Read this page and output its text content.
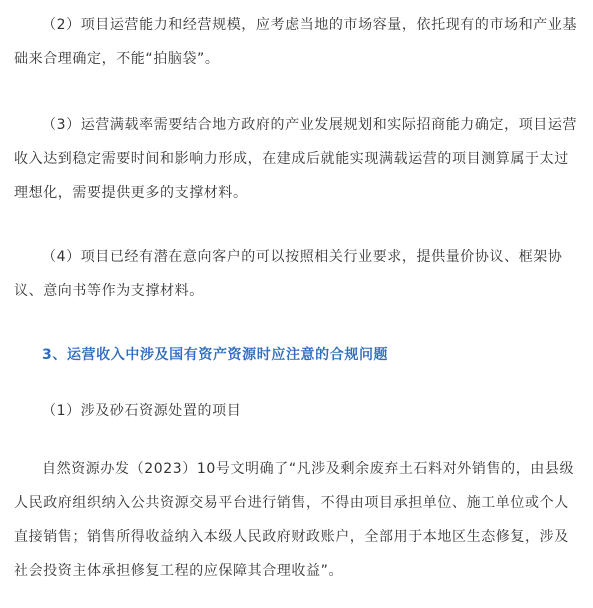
（2）项目运营能力和经营规模，应考虑当地的市场容量，依托现有的市场和产业基础来合理确定，不能“拍脑袋”。

（3）运营满载率需要结合地方政府的产业发展规划和实际招商能力确定，项目运营收入达到稳定需要时间和影响力形成，在建成后就能实现满载运营的项目测算属于太过理想化，需要提供更多的支撑材料。

（4）项目已经有潜在意向客户的可以按照相关行业要求，提供量价协议、框架协议、意向书等作为支撑材料。

3、运营收入中涉及国有资产资源时应注意的合规问题

（1）涉及砂石资源处置的项目

自然资源办发（2023）10号文明确了“凡涉及剩余废弃土石料对外销售的，由县级人民政府组织纳入公共资源交易平台进行销售，不得由项目承担单位、施工单位或个人直接销售；销售所得收益纳入本级人民政府财政账户，全部用于本地区生态修复，涉及社会投资主体承担修复工程的应保障其合理收益”。
